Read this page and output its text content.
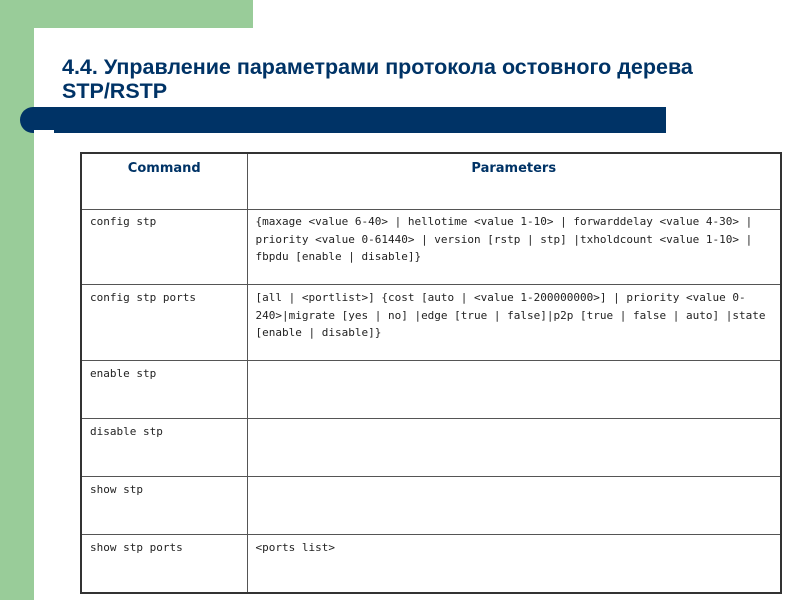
4.4. Управление параметрами протокола остовного дерева STP/RSTP
Command	Parameters
config stp	{maxage <value 6-40> | hellotime <value 1-10> | forwarddelay <value 4-30> | priority <value 0-61440> | version [rstp | stp] |txholdcount <value 1-10> | fbpdu [enable | disable]}
config stp ports	[all | <portlist>] {cost [auto | <value 1-200000000>] | priority <value 0-240>|migrate [yes | no] |edge [true | false]|p2p [true | false | auto] |state [enable | disable]}
enable stp	
disable stp	
show stp	
show stp ports	<ports list>
